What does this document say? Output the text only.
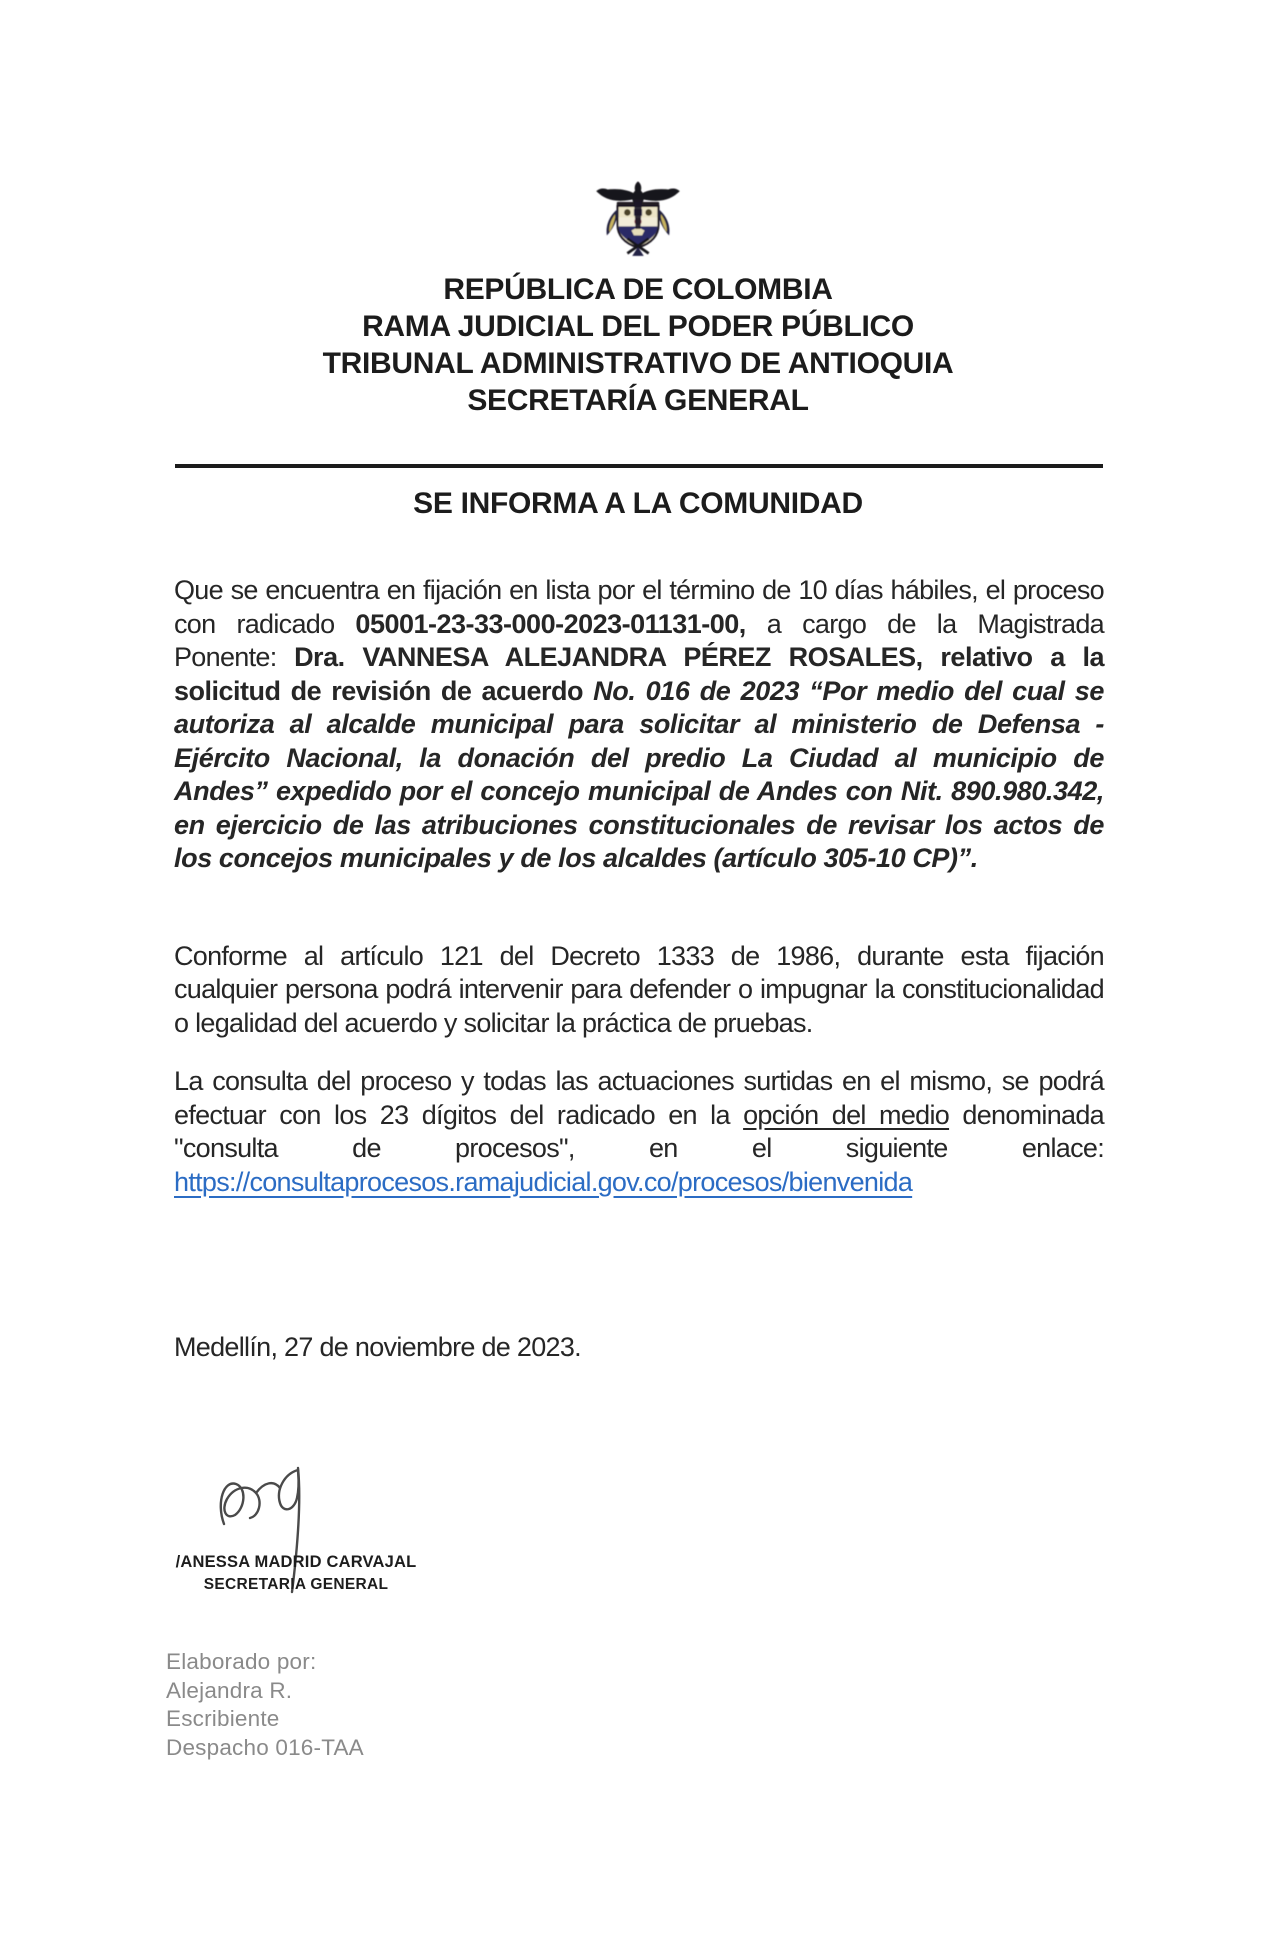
REPÚBLICA DE COLOMBIA
RAMA JUDICIAL DEL PODER PÚBLICO
TRIBUNAL ADMINISTRATIVO DE ANTIOQUIA
SECRETARÍA GENERAL
SE INFORMA A LA COMUNIDAD
Que se encuentra en fijación en lista por el término de 10 días hábiles, el proceso con radicado 05001-23-33-000-2023-01131-00, a cargo de la Magistrada Ponente: Dra. VANNESA ALEJANDRA PÉREZ ROSALES, relativo a la solicitud de revisión de acuerdo No. 016 de 2023 “Por medio del cual se autoriza al alcalde municipal para solicitar al ministerio de Defensa - Ejército Nacional, la donación del predio La Ciudad al municipio de Andes” expedido por el concejo municipal de Andes con Nit. 890.980.342, en ejercicio de las atribuciones constitucionales de revisar los actos de los concejos municipales y de los alcaldes (artículo 305-10 CP)”.
Conforme al artículo 121 del Decreto 1333 de 1986, durante esta fijación cualquier persona podrá intervenir para defender o impugnar la constitucionalidad o legalidad del acuerdo y solicitar la práctica de pruebas.
La consulta del proceso y todas las actuaciones surtidas en el mismo, se podrá efectuar con los 23 dígitos del radicado en la opción del medio denominada "consulta de procesos", en el siguiente enlace: https://consultaprocesos.ramajudicial.gov.co/procesos/bienvenida
Medellín, 27 de noviembre de 2023.
/ANESSA MADRID CARVAJAL
SECRETARIA GENERAL
Elaborado por:
Alejandra R.
Escribiente
Despacho 016-TAA
